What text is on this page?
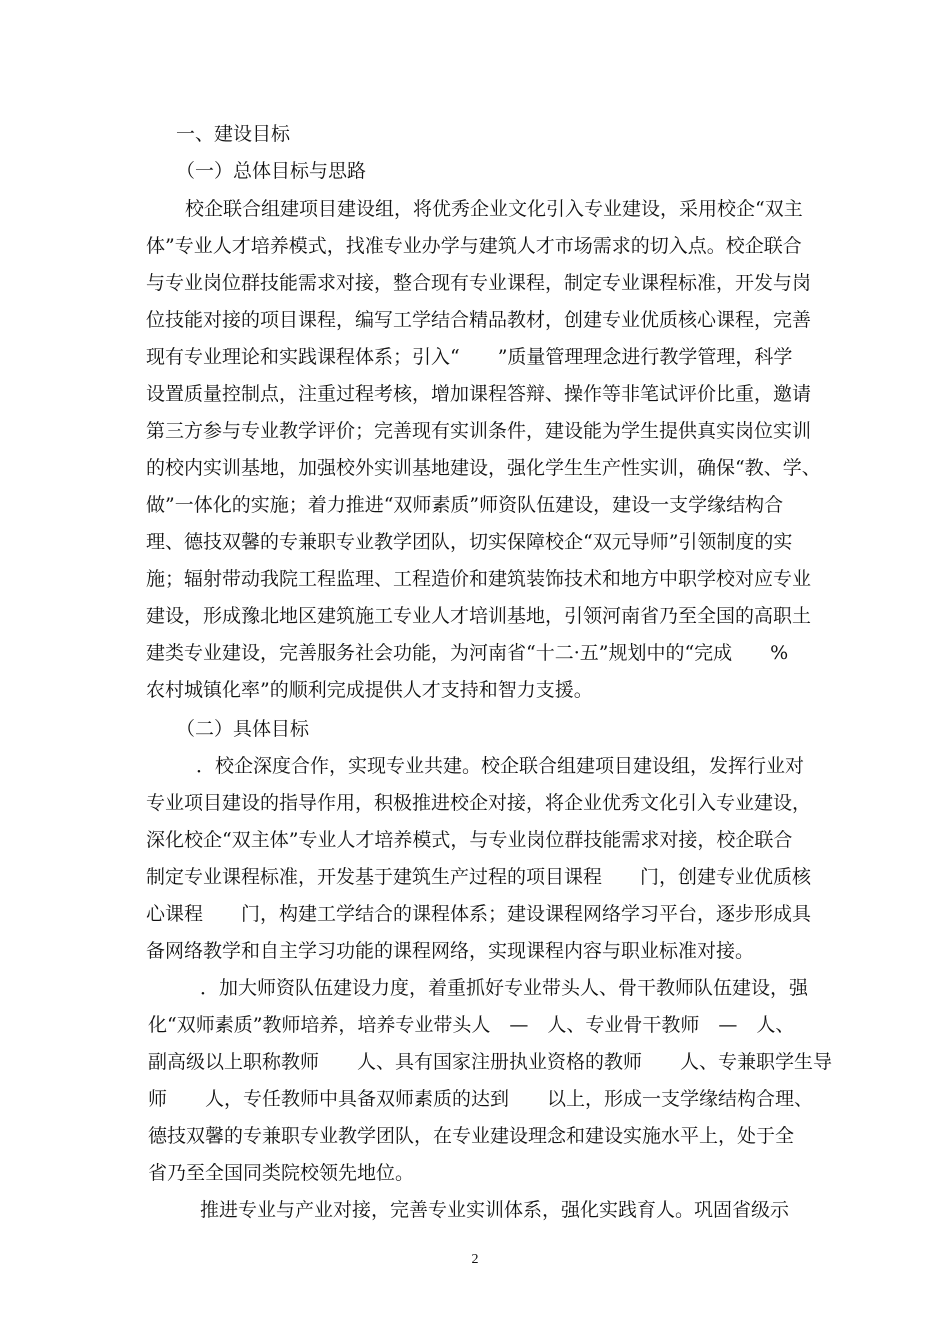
一、建设目标
（一）总体目标与思路
校企联合组建项目建设组，将优秀企业文化引入专业建设，采用校企“双主
体”专业人才培养模式，找准专业办学与建筑人才市场需求的切入点。校企联合
与专业岗位群技能需求对接，整合现有专业课程，制定专业课程标准，开发与岗
位技能对接的项目课程，编写工学结合精品教材，创建专业优质核心课程，完善
现有专业理论和实践课程体系；引入“　　”质量管理理念进行教学管理，科学
设置质量控制点，注重过程考核，增加课程答辩、操作等非笔试评价比重，邀请
第三方参与专业教学评价；完善现有实训条件，建设能为学生提供真实岗位实训
的校内实训基地，加强校外实训基地建设，强化学生生产性实训，确保“教、学、
做”一体化的实施；着力推进“双师素质”师资队伍建设，建设一支学缘结构合
理、德技双馨的专兼职专业教学团队，切实保障校企“双元导师”引领制度的实
施；辐射带动我院工程监理、工程造价和建筑装饰技术和地方中职学校对应专业
建设，形成豫北地区建筑施工专业人才培训基地，引领河南省乃至全国的高职土
建类专业建设，完善服务社会功能，为河南省“十二·五”规划中的“完成　　%
农村城镇化率”的顺利完成提供人才支持和智力支援。
（二）具体目标
．校企深度合作，实现专业共建。校企联合组建项目建设组，发挥行业对
专业项目建设的指导作用，积极推进校企对接，将企业优秀文化引入专业建设，
深化校企“双主体”专业人才培养模式，与专业岗位群技能需求对接，校企联合
制定专业课程标准，开发基于建筑生产过程的项目课程　　门，创建专业优质核
心课程　　门，构建工学结合的课程体系；建设课程网络学习平台，逐步形成具
备网络教学和自主学习功能的课程网络，实现课程内容与职业标准对接。
．加大师资队伍建设力度，着重抓好专业带头人、骨干教师队伍建设，强
化“双师素质”教师培养，培养专业带头人　—　人、专业骨干教师　—　人、
副高级以上职称教师　　人、具有国家注册执业资格的教师　　人、专兼职学生导
师　　人，专任教师中具备双师素质的达到　　以上，形成一支学缘结构合理、
德技双馨的专兼职专业教学团队，在专业建设理念和建设实施水平上，处于全
省乃至全国同类院校领先地位。
推进专业与产业对接，完善专业实训体系，强化实践育人。巩固省级示
2
